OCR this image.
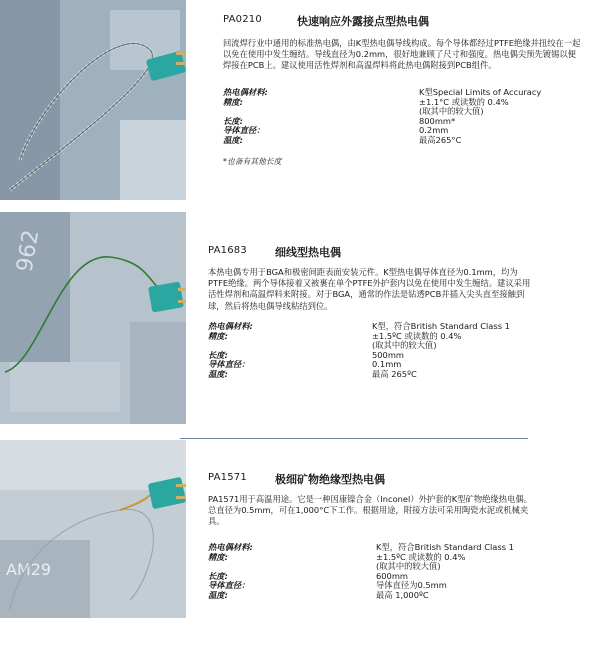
PA0210	快速响应外露接点型热电偶
回流焊行业中通用的标准热电偶，由K型热电偶导线构成。每个导体都经过PTFE绝缘并扭绞在一起以免在使用中发生缠结。导线直径为0.2mm，很好地兼顾了尺寸和强度。热电偶尖预先镀锡以便焊接在PCB上。建议使用活性焊剂和高温焊料将此热电偶附接到PCB组件。
热电偶材料:	K型Special Limits of Accuracy
精度:	±1.1°C 或读数的 0.4%
(取其中的较大值)
长度:	800mm*
导体直径：	0.2mm
温度:	最高265°C
*也备有其他长度
962	PA1683	细线型热电偶
本热电偶专用于BGA和极密间距表面安装元件。K型热电偶导体直径为0.1mm，均为PTFE绝缘。两个导体接着又被裹在单个PTFE外护套内以免在使用中发生缠结。建议采用活性焊剂和高温焊料来附接。对于BGA，通常的作法是钻透PCB并插入尖头直至接触到球，然后将热电偶导线粘结到位。
热电偶材料:	K型，符合British Standard Class 1
精度:	±1.5ºC 或读数的 0.4%
(取其中的较大值)
长度:	500mm
导体直径：	0.1mm
温度:	最高 265ºC
AM29
PA1571	极细矿物绝缘型热电偶
PA1571用于高温用途。它是一种因康镍合金（Inconel）外护套的K型矿物绝缘热电偶。总直径为0.5mm，可在1,000°C下工作。根据用途，附接方法可采用陶瓷水泥或机械夹具。
热电偶材料:	K型，符合British Standard Class 1
精度:	±1.5ºC 或读数的 0.4%
(取其中的较大值)
长度:	600mm
导体直径：	导体直径为0.5mm
温度:	最高 1,000ºC
